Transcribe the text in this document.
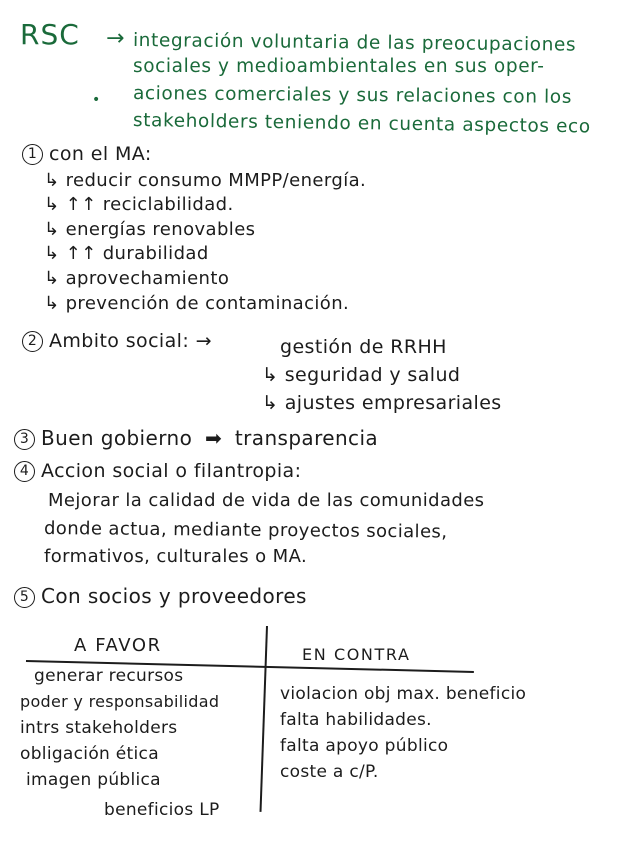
RSC → integración voluntaria de las preocupaciones
sociales y medioambientales en sus oper-
aciones comerciales y sus relaciones con los
•
stakeholders teniendo en cuenta aspectos eco
1 con el MA:
↳ reducir consumo MMPP/energía.
↳ ↑↑ reciclabilidad.
↳ energías renovables
↳ ↑↑ durabilidad
↳ aprovechamiento
↳ prevención de contaminación.
2 Ambito social: →	gestión de RRHH
↳ seguridad y salud
↳ ajustes empresariales
3 Buen gobierno ➡ transparencia
4 Accion social o filantropia:
Mejorar la calidad de vida de las comunidades
donde actua, mediante proyectos sociales,
formativos, culturales o MA.
5 Con socios y proveedores
A FAVOR	EN CONTRA
generar recursos
poder y responsabilidad
intrs stakeholders
obligación ética
imagen pública
beneficios LP
violacion obj max. beneficio
falta habilidades.
falta apoyo público
coste a c/P.
